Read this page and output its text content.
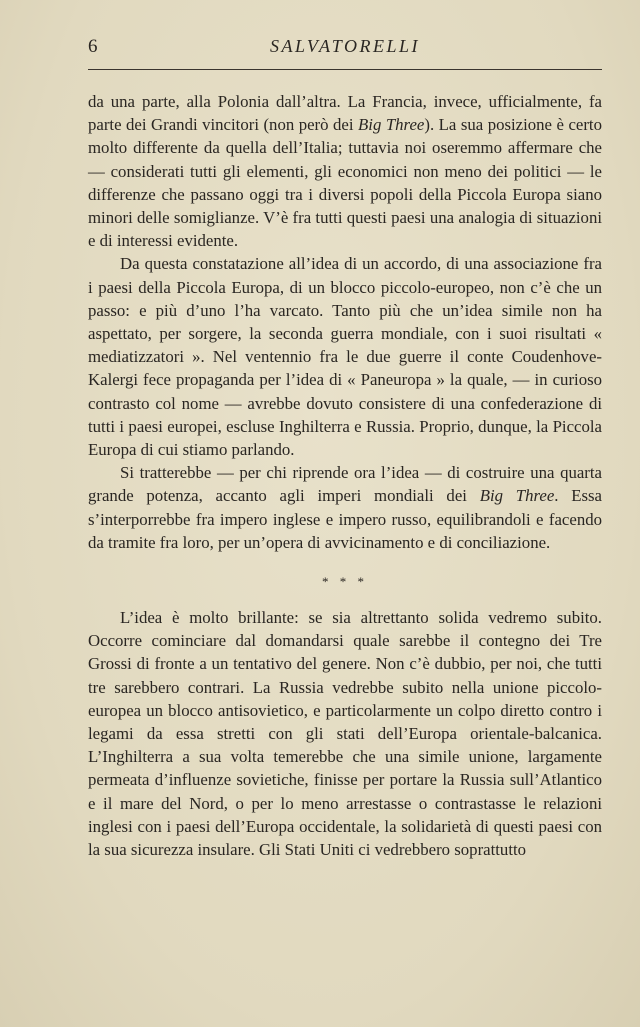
6	SALVATORELLI

da una parte, alla Polonia dall’altra. La Francia, invece, ufficialmente, fa parte dei Grandi vincitori (non però dei Big Three). La sua posizione è certo molto differente da quella dell’Italia; tuttavia noi oseremmo affermare che — considerati tutti gli elementi, gli economici non meno dei politici — le differenze che passano oggi tra i diversi popoli della Piccola Europa siano minori delle somiglianze. V’è fra tutti questi paesi una analogia di situazioni e di interessi evidente.

Da questa constatazione all’idea di un accordo, di una associazione fra i paesi della Piccola Europa, di un blocco piccolo-europeo, non c’è che un passo: e più d’uno l’ha varcato. Tanto più che un’idea simile non ha aspettato, per sorgere, la seconda guerra mondiale, con i suoi risultati « mediatizzatori ». Nel ventennio fra le due guerre il conte Coudenhove-Kalergi fece propaganda per l’idea di « Paneuropa » la quale, — in curioso contrasto col nome — avrebbe dovuto consistere di una confederazione di tutti i paesi europei, escluse Inghilterra e Russia. Proprio, dunque, la Piccola Europa di cui stiamo parlando.

Si tratterebbe — per chi riprende ora l’idea — di costruire una quarta grande potenza, accanto agli imperi mondiali dei Big Three. Essa s’interporrebbe fra impero inglese e impero russo, equilibrandoli e facendo da tramite fra loro, per un’opera di avvicinamento e di conciliazione.

* * *

L’idea è molto brillante: se sia altrettanto solida vedremo subito. Occorre cominciare dal domandarsi quale sarebbe il contegno dei Tre Grossi di fronte a un tentativo del genere. Non c’è dubbio, per noi, che tutti tre sarebbero contrari. La Russia vedrebbe subito nella unione piccolo-europea un blocco antisovietico, e particolarmente un colpo diretto contro i legami da essa stretti con gli stati dell’Europa orientale-balcanica. L’Inghilterra a sua volta temerebbe che una simile unione, largamente permeata d’influenze sovietiche, finisse per portare la Russia sull’Atlantico e il mare del Nord, o per lo meno arrestasse o contrastasse le relazioni inglesi con i paesi dell’Europa occidentale, la solidarietà di questi paesi con la sua sicurezza insulare. Gli Stati Uniti ci vedrebbero soprattutto
